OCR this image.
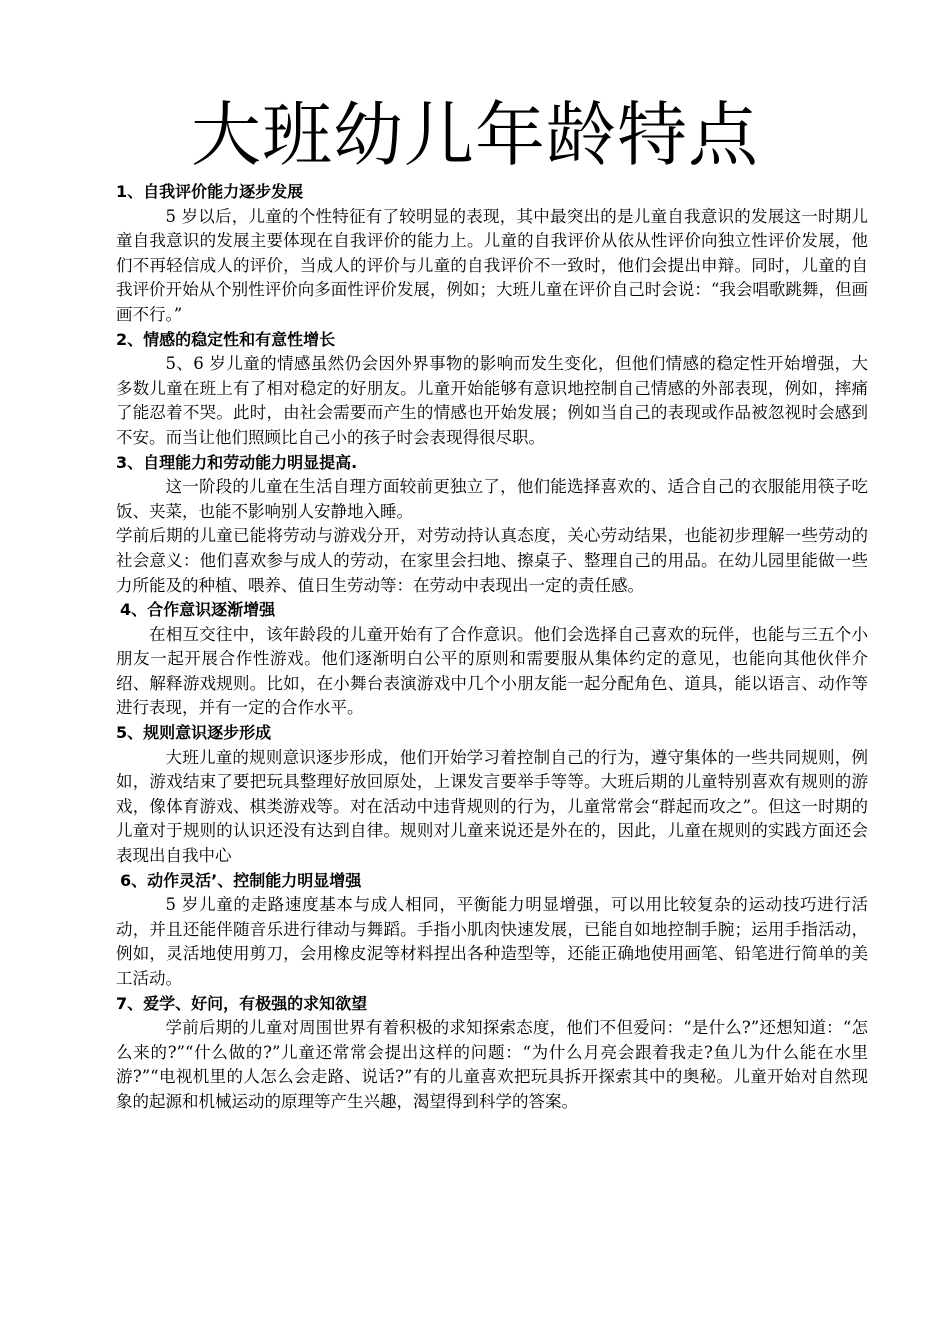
大班幼儿年龄特点

1、自我评价能力逐步发展

5 岁以后，儿童的个性特征有了较明显的表现，其中最突出的是儿童自我意识的发展这一时期儿童自我意识的发展主要体现在自我评价的能力上。儿童的自我评价从依从性评价向独立性评价发展，他们不再轻信成人的评价，当成人的评价与儿童的自我评价不一致时，他们会提出申辩。同时，儿童的自我评价开始从个别性评价向多面性评价发展，例如；大班儿童在评价自己时会说：“我会唱歌跳舞，但画画不行。”

2、情感的稳定性和有意性增长

5、6 岁儿童的情感虽然仍会因外界事物的影响而发生变化，但他们情感的稳定性开始增强，大多数儿童在班上有了相对稳定的好朋友。儿童开始能够有意识地控制自己情感的外部表现，例如，摔痛了能忍着不哭。此时，由社会需要而产生的情感也开始发展；例如当自己的表现或作品被忽视时会感到不安。而当让他们照顾比自己小的孩子时会表现得很尽职。

3、自理能力和劳动能力明显提高.

这一阶段的儿童在生活自理方面较前更独立了，他们能选择喜欢的、适合自己的衣服能用筷子吃饭、夹菜，也能不影响别人安静地入睡。

学前后期的儿童已能将劳动与游戏分开，对劳动持认真态度，关心劳动结果，也能初步理解一些劳动的社会意义：他们喜欢参与成人的劳动，在家里会扫地、擦桌子、整理自己的用品。在幼儿园里能做一些力所能及的种植、喂养、值日生劳动等：在劳动中表现出一定的责任感。

4、合作意识逐渐增强

在相互交往中，该年龄段的儿童开始有了合作意识。他们会选择自己喜欢的玩伴，也能与三五个小朋友一起开展合作性游戏。他们逐渐明白公平的原则和需要服从集体约定的意见，也能向其他伙伴介绍、解释游戏规则。比如，在小舞台表演游戏中几个小朋友能一起分配角色、道具，能以语言、动作等进行表现，并有一定的合作水平。

5、规则意识逐步形成

大班儿童的规则意识逐步形成，他们开始学习着控制自己的行为，遵守集体的一些共同规则，例如，游戏结束了要把玩具整理好放回原处，上课发言要举手等等。大班后期的儿童特别喜欢有规则的游戏，像体育游戏、棋类游戏等。对在活动中违背规则的行为，儿童常常会“群起而攻之”。但这一时期的儿童对于规则的认识还没有达到自律。规则对儿童来说还是外在的，因此，儿童在规则的实践方面还会表现出自我中心

6、动作灵活’、控制能力明显增强

5 岁儿童的走路速度基本与成人相同，平衡能力明显增强，可以用比较复杂的运动技巧进行活动，并且还能伴随音乐进行律动与舞蹈。手指小肌肉快速发展，已能自如地控制手腕；运用手指活动，例如，灵活地使用剪刀，会用橡皮泥等材料捏出各种造型等，还能正确地使用画笔、铅笔进行简单的美工活动。

7、爱学、好问，有极强的求知欲望

学前后期的儿童对周围世界有着积极的求知探索态度，他们不但爱问：“是什么?”还想知道：“怎么来的?”“什么做的?”儿童还常常会提出这样的问题：“为什么月亮会跟着我走?鱼儿为什么能在水里游?”“电视机里的人怎么会走路、说话?”有的儿童喜欢把玩具拆开探索其中的奥秘。儿童开始对自然现象的起源和机械运动的原理等产生兴趣，渴望得到科学的答案。
